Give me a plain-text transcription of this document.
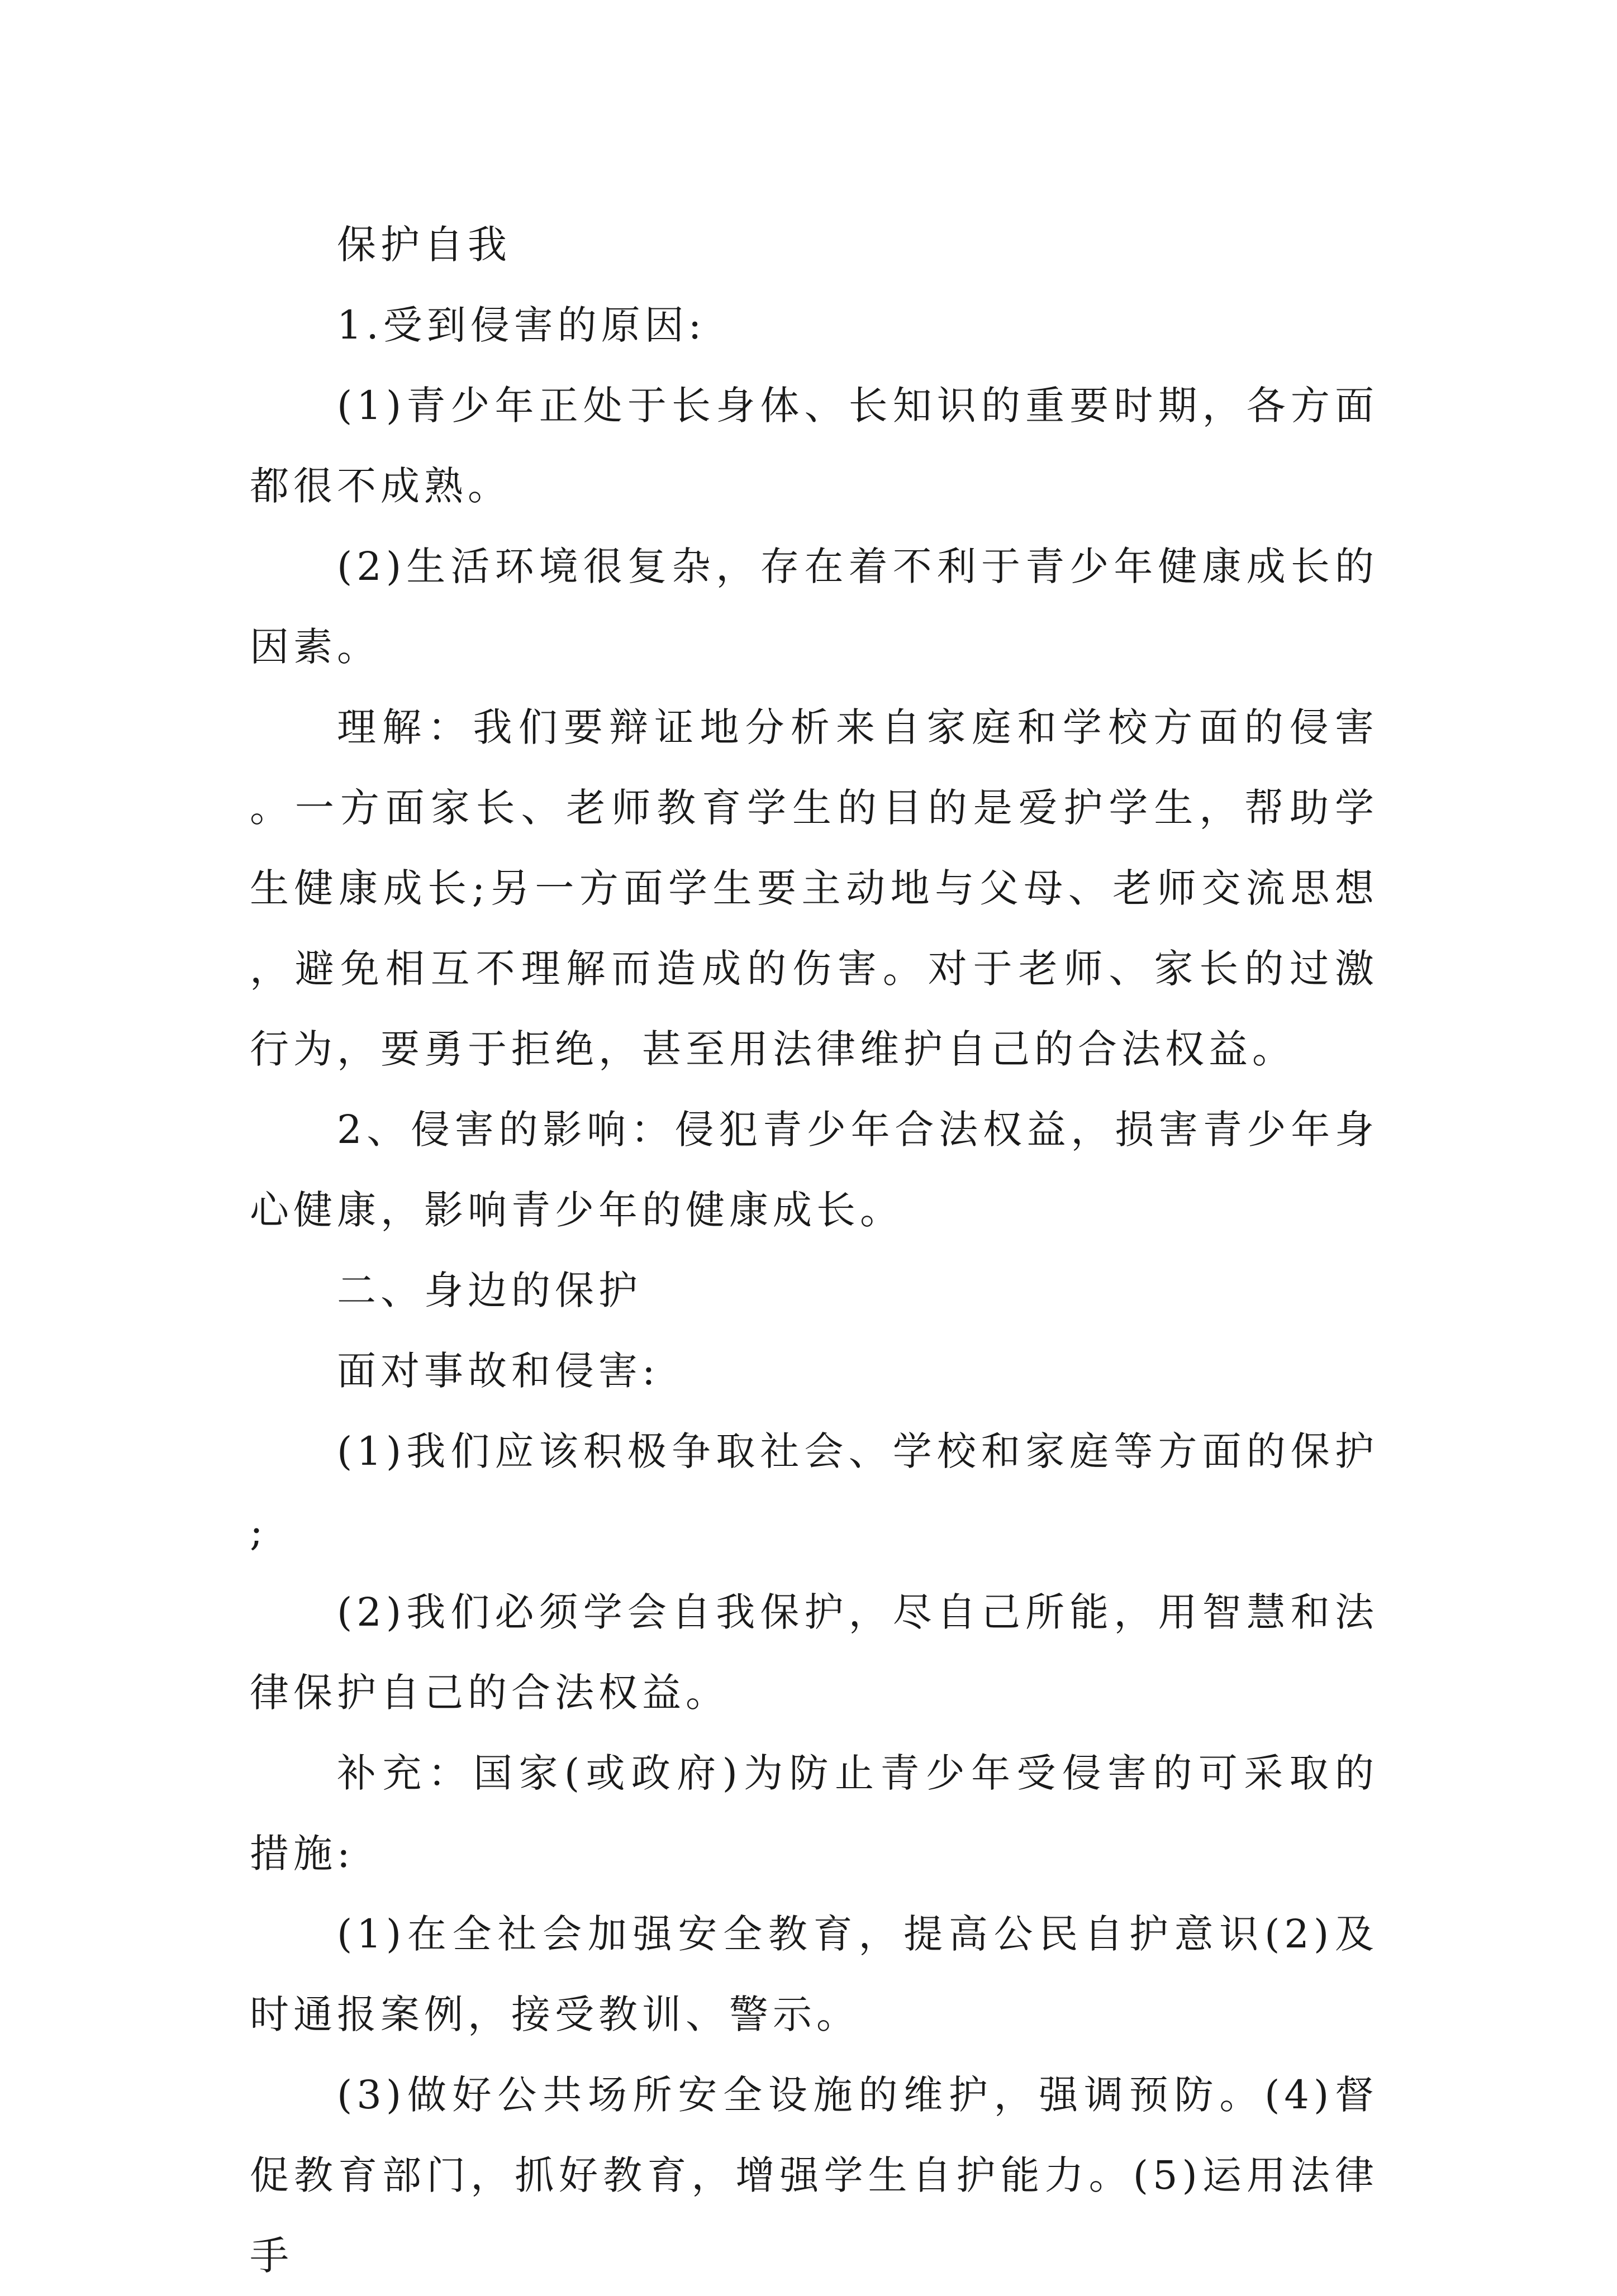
保护自我

1.受到侵害的原因:

(1)青少年正处于长身体、长知识的重要时期，各方面都很不成熟。

(2)生活环境很复杂，存在着不利于青少年健康成长的因素。

理解：我们要辩证地分析来自家庭和学校方面的侵害。一方面家长、老师教育学生的目的是爱护学生，帮助学生健康成长;另一方面学生要主动地与父母、老师交流思想，避免相互不理解而造成的伤害。对于老师、家长的过激行为，要勇于拒绝，甚至用法律维护自己的合法权益。

2、侵害的影响：侵犯青少年合法权益，损害青少年身心健康，影响青少年的健康成长。

二、身边的保护

面对事故和侵害:

(1)我们应该积极争取社会、学校和家庭等方面的保护;

(2)我们必须学会自我保护，尽自己所能，用智慧和法律保护自己的合法权益。

补充：国家(或政府)为防止青少年受侵害的可采取的措施:

(1)在全社会加强安全教育，提高公民自护意识(2)及时通报案例，接受教训、警示。

(3)做好公共场所安全设施的维护，强调预防。(4)督促教育部门，抓好教育，增强学生自护能力。(5)运用法律手
